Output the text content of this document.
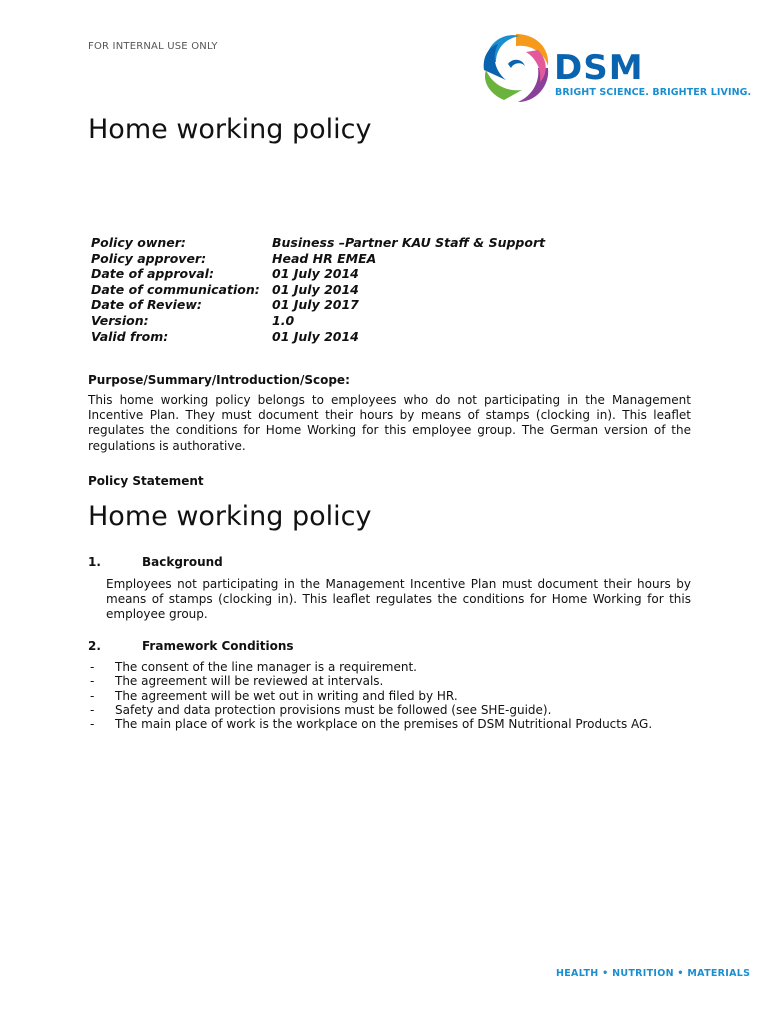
FOR INTERNAL USE ONLY
DSM
BRIGHT SCIENCE. BRIGHTER LIVING.
Home working policy
Policy owner:	Business –Partner KAU Staff & Support
Policy approver:	Head HR EMEA
Date of approval:	01 July 2014
Date of communication: 01 July 2014
Date of Review:	01 July 2017
Version:	1.0
Valid from:	01 July 2014
Purpose/Summary/Introduction/Scope:
This home working policy belongs to employees who do not participating in the Management Incentive Plan. They must document their hours by means of stamps (clocking in). This leaflet regulates the conditions for Home Working for this employee group. The German version of the regulations is authorative.
Policy Statement
Home working policy
1.	Background
Employees not participating in the Management Incentive Plan must document their hours by means of stamps (clocking in). This leaflet regulates the conditions for Home Working for this employee group.
2.	Framework Conditions
-	The consent of the line manager is a requirement.
-	The agreement will be reviewed at intervals.
-	The agreement will be wet out in writing and filed by HR.
-	Safety and data protection provisions must be followed (see SHE-guide).
-	The main place of work is the workplace on the premises of DSM Nutritional Products AG.
HEALTH • NUTRITION • MATERIALS
